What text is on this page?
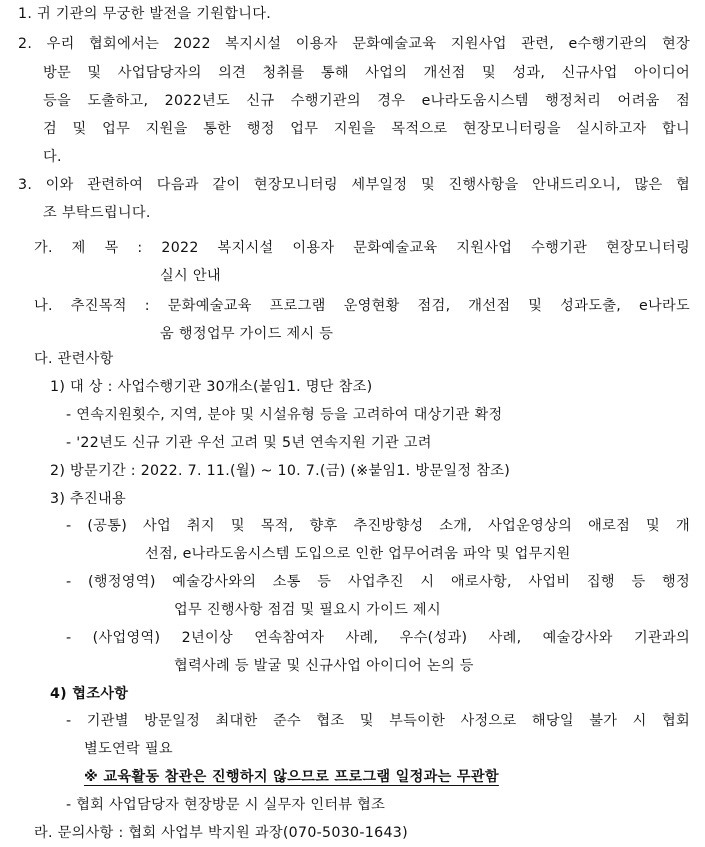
1. 귀 기관의 무궁한 발전을 기원합니다.
2. 우리 협회에서는 2022 복지시설 이용자 문화예술교육 지원사업 관련, e수행기관의 현장
방문 및 사업담당자의 의견 청취를 통해 사업의 개선점 및 성과, 신규사업 아이디어
등을 도출하고, 2022년도 신규 수행기관의 경우 e나라도움시스템 행정처리 어려움 점
검 및 업무 지원을 통한 행정 업무 지원을 목적으로 현장모니터링을 실시하고자 합니
다.
3. 이와 관련하여 다음과 같이 현장모니터링 세부일정 및 진행사항을 안내드리오니, 많은 협
조 부탁드립니다.
가. 제 목 : 2022 복지시설 이용자 문화예술교육 지원사업 수행기관 현장모니터링
실시 안내
나. 추진목적 : 문화예술교육 프로그램 운영현황 점검, 개선점 및 성과도출, e나라도
움 행정업무 가이드 제시 등
다. 관련사항
1) 대 상 : 사업수행기관 30개소(붙임1. 명단 참조)
- 연속지원횟수, 지역, 분야 및 시설유형 등을 고려하여 대상기관 확정
- '22년도 신규 기관 우선 고려 및 5년 연속지원 기관 고려
2) 방문기간 : 2022. 7. 11.(월) ~ 10. 7.(금) (※붙임1. 방문일정 참조)
3) 추진내용
- (공통) 사업 취지 및 목적, 향후 추진방향성 소개, 사업운영상의 애로점 및 개
선점, e나라도움시스템 도입으로 인한 업무어려움 파악 및 업무지원
- (행정영역) 예술강사와의 소통 등 사업추진 시 애로사항, 사업비 집행 등 행정
업무 진행사항 점검 및 필요시 가이드 제시
- (사업영역) 2년이상 연속참여자 사례, 우수(성과) 사례, 예술강사와 기관과의
협력사례 등 발굴 및 신규사업 아이디어 논의 등
4) 협조사항
- 기관별 방문일정 최대한 준수 협조 및 부득이한 사정으로 해당일 불가 시 협회
별도연락 필요
※ 교육활동 참관은 진행하지 않으므로 프로그램 일정과는 무관함
- 협회 사업담당자 현장방문 시 실무자 인터뷰 협조
라. 문의사항 : 협회 사업부 박지원 과장(070-5030-1643)
